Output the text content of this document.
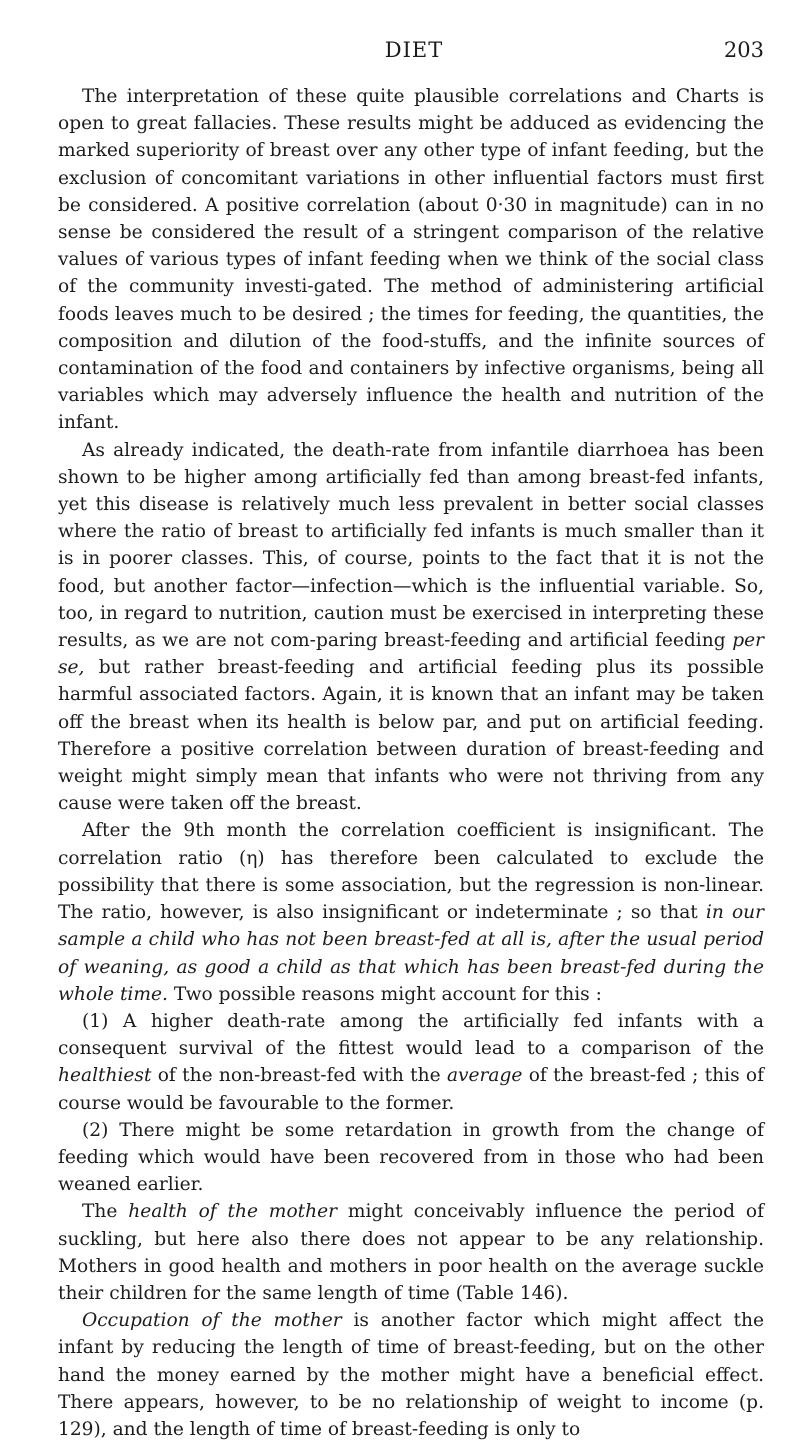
DIET	203

The interpretation of these quite plausible correlations and Charts is open to great fallacies. These results might be adduced as evidencing the marked superiority of breast over any other type of infant feeding, but the exclusion of concomitant variations in other influential factors must first be considered. A positive correlation (about 0·30 in magnitude) can in no sense be considered the result of a stringent comparison of the relative values of various types of infant feeding when we think of the social class of the community investi-gated. The method of administering artificial foods leaves much to be desired ; the times for feeding, the quantities, the composition and dilution of the food-stuffs, and the infinite sources of contamination of the food and containers by infective organisms, being all variables which may adversely influence the health and nutrition of the infant.

As already indicated, the death-rate from infantile diarrhoea has been shown to be higher among artificially fed than among breast-fed infants, yet this disease is relatively much less prevalent in better social classes where the ratio of breast to artificially fed infants is much smaller than it is in poorer classes. This, of course, points to the fact that it is not the food, but another factor—infection—which is the influential variable. So, too, in regard to nutrition, caution must be exercised in interpreting these results, as we are not com-paring breast-feeding and artificial feeding per se, but rather breast-feeding and artificial feeding plus its possible harmful associated factors. Again, it is known that an infant may be taken off the breast when its health is below par, and put on artificial feeding. Therefore a positive correlation between duration of breast-feeding and weight might simply mean that infants who were not thriving from any cause were taken off the breast.

After the 9th month the correlation coefficient is insignificant. The correlation ratio (η) has therefore been calculated to exclude the possibility that there is some association, but the regression is non-linear. The ratio, however, is also insignificant or indeterminate ; so that in our sample a child who has not been breast-fed at all is, after the usual period of weaning, as good a child as that which has been breast-fed during the whole time. Two possible reasons might account for this :

(1) A higher death-rate among the artificially fed infants with a consequent survival of the fittest would lead to a comparison of the healthiest of the non-breast-fed with the average of the breast-fed ; this of course would be favourable to the former.

(2) There might be some retardation in growth from the change of feeding which would have been recovered from in those who had been weaned earlier.

The health of the mother might conceivably influence the period of suckling, but here also there does not appear to be any relationship. Mothers in good health and mothers in poor health on the average suckle their children for the same length of time (Table 146).

Occupation of the mother is another factor which might affect the infant by reducing the length of time of breast-feeding, but on the other hand the money earned by the mother might have a beneficial effect. There appears, however, to be no relationship of weight to income (p. 129), and the length of time of breast-feeding is only to
